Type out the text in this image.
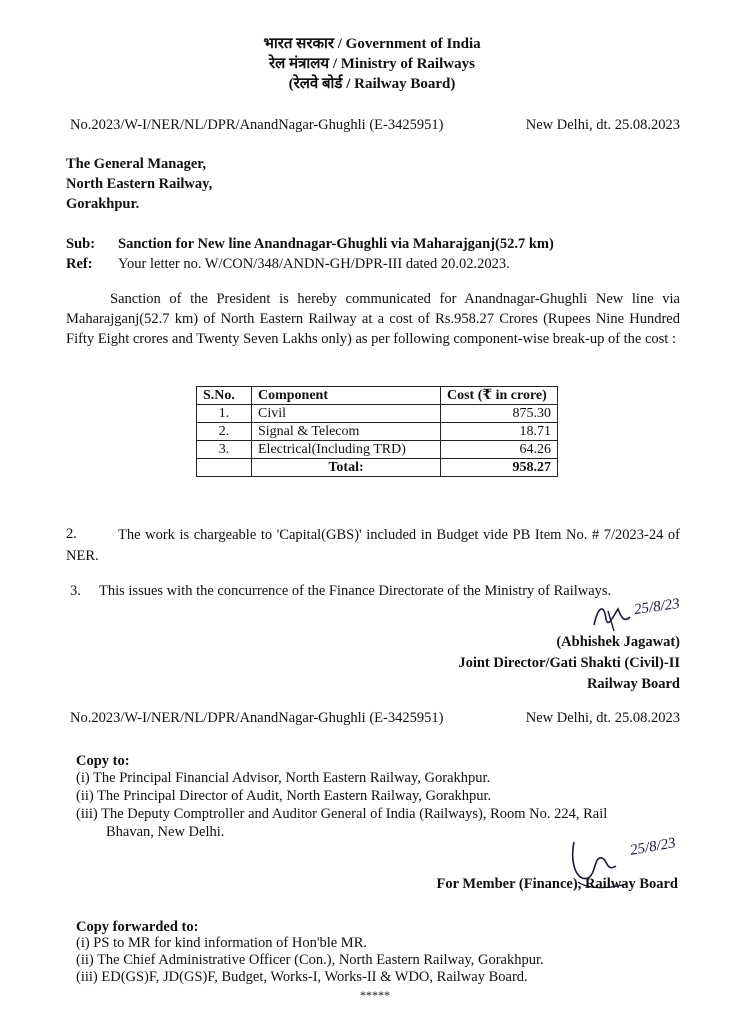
भारत सरकार / Government of India
रेल मंत्रालय / Ministry of Railways
(रेलवे बोर्ड / Railway Board)
No.2023/W-I/NER/NL/DPR/AnandNagar-Ghughli (E-3425951)	New Delhi, dt. 25.08.2023
The General Manager,
North Eastern Railway,
Gorakhpur.
Sub: Sanction for New line Anandnagar-Ghughli via Maharajganj(52.7 km)
Ref: Your letter no. W/CON/348/ANDN-GH/DPR-III dated 20.02.2023.
Sanction of the President is hereby communicated for Anandnagar-Ghughli New line via Maharajganj(52.7 km) of North Eastern Railway at a cost of Rs.958.27 Crores (Rupees Nine Hundred Fifty Eight crores and Twenty Seven Lakhs only) as per following component-wise break-up of the cost :
S.No.	Component	Cost (₹ in crore)
1.	Civil	875.30
2.	Signal & Telecom	18.71
3.	Electrical(Including TRD)	64.26
	Total:	958.27
2.	The work is chargeable to 'Capital(GBS)' included in Budget vide PB Item No. # 7/2023-24 of NER.
3. This issues with the concurrence of the Finance Directorate of the Ministry of Railways.
25/8/23
(Abhishek Jagawat)
Joint Director/Gati Shakti (Civil)-II
Railway Board
No.2023/W-I/NER/NL/DPR/AnandNagar-Ghughli (E-3425951)	New Delhi, dt. 25.08.2023
Copy to:
(i) The Principal Financial Advisor, North Eastern Railway, Gorakhpur.
(ii) The Principal Director of Audit, North Eastern Railway, Gorakhpur.
(iii) The Deputy Comptroller and Auditor General of India (Railways), Room No. 224, Rail
Bhavan, New Delhi.
25/8/23
For Member (Finance), Railway Board
Copy forwarded to:
(i) PS to MR for kind information of Hon'ble MR.
(ii) The Chief Administrative Officer (Con.), North Eastern Railway, Gorakhpur.
(iii) ED(GS)F, JD(GS)F, Budget, Works-I, Works-II & WDO, Railway Board.
*****
